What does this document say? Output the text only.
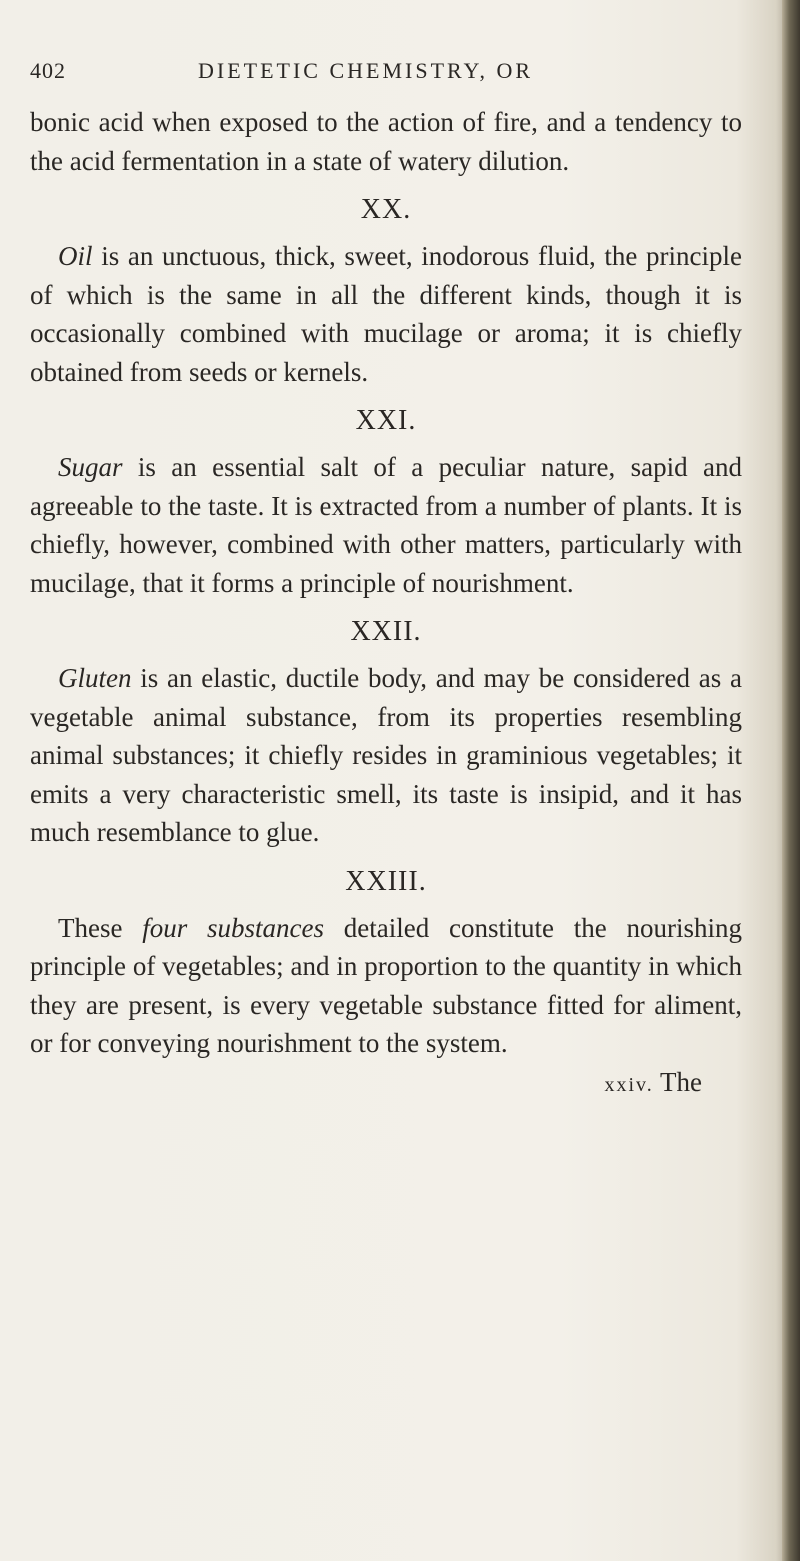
402	DIETETIC CHEMISTRY, OR

bonic acid when exposed to the action of fire, and a tendency to the acid fermentation in a state of watery dilution.

XX.

Oil is an unctuous, thick, sweet, inodorous fluid, the principle of which is the same in all the different kinds, though it is occasionally combined with mucilage or aroma; it is chiefly obtained from seeds or kernels.

XXI.

Sugar is an essential salt of a peculiar nature, sapid and agreeable to the taste. It is extracted from a number of plants. It is chiefly, however, combined with other matters, particularly with mucilage, that it forms a principle of nourishment.

XXII.

Gluten is an elastic, ductile body, and may be considered as a vegetable animal substance, from its properties resembling animal substances; it chiefly resides in graminious vegetables; it emits a very characteristic smell, its taste is insipid, and it has much resemblance to glue.

XXIII.

These four substances detailed constitute the nourishing principle of vegetables; and in proportion to the quantity in which they are present, is every vegetable substance fitted for aliment, or for conveying nourishment to the system.

xxiv. The
